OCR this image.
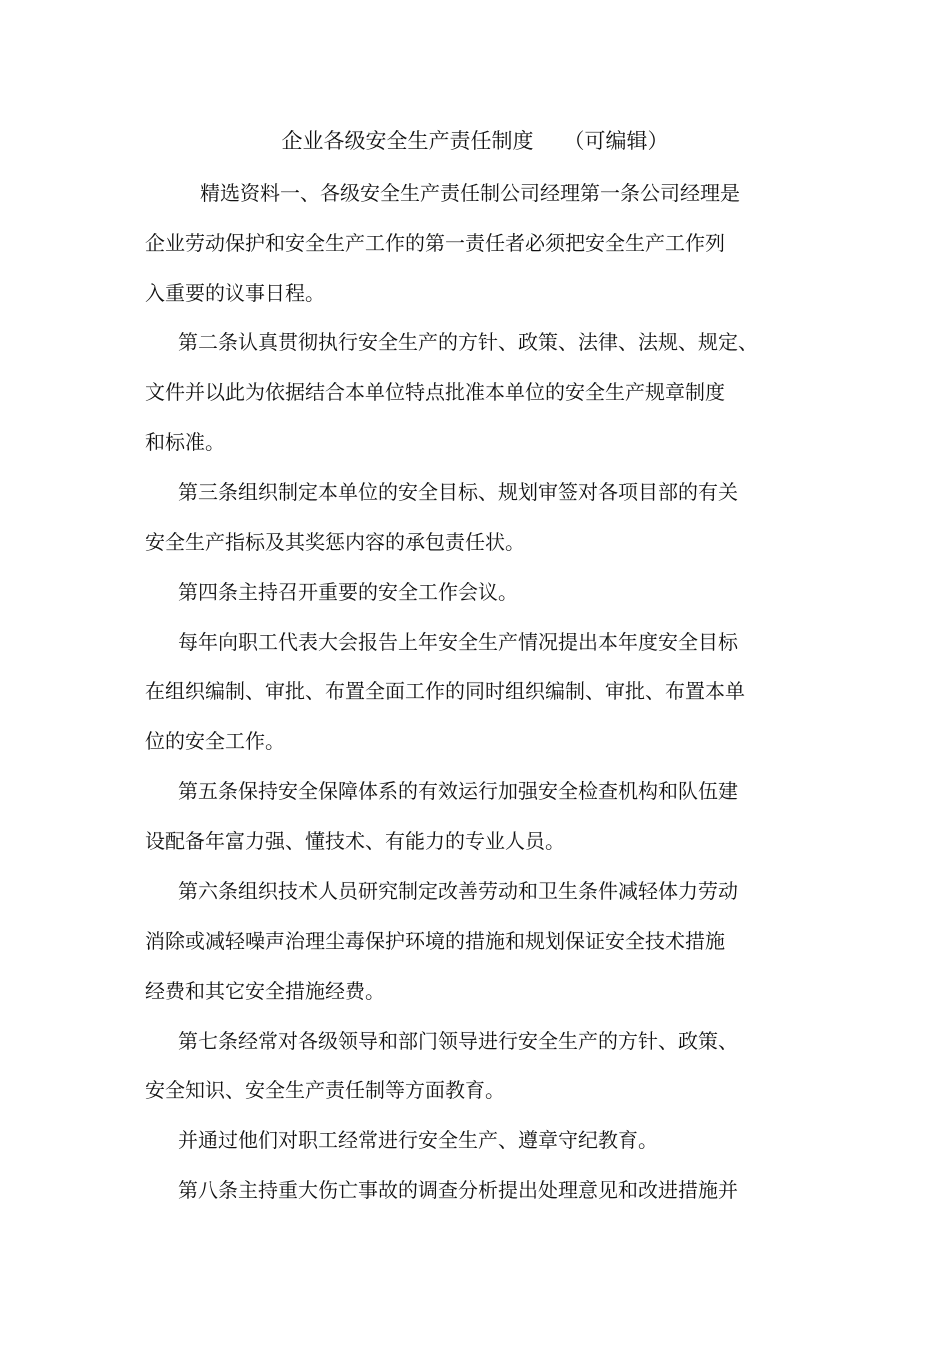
企业各级安全生产责任制度 （可编辑）
精选资料一、各级安全生产责任制公司经理第一条公司经理是
企业劳动保护和安全生产工作的第一责任者必须把安全生产工作列
入重要的议事日程。
第二条认真贯彻执行安全生产的方针、政策、法律、法规、规定、
文件并以此为依据结合本单位特点批准本单位的安全生产规章制度
和标准。
第三条组织制定本单位的安全目标、规划审签对各项目部的有关
安全生产指标及其奖惩内容的承包责任状。
第四条主持召开重要的安全工作会议。
每年向职工代表大会报告上年安全生产情况提出本年度安全目标
在组织编制、审批、布置全面工作的同时组织编制、审批、布置本单
位的安全工作。
第五条保持安全保障体系的有效运行加强安全检查机构和队伍建
设配备年富力强、懂技术、有能力的专业人员。
第六条组织技术人员研究制定改善劳动和卫生条件减轻体力劳动
消除或减轻噪声治理尘毒保护环境的措施和规划保证安全技术措施
经费和其它安全措施经费。
第七条经常对各级领导和部门领导进行安全生产的方针、政策、
安全知识、安全生产责任制等方面教育。
并通过他们对职工经常进行安全生产、遵章守纪教育。
第八条主持重大伤亡事故的调查分析提出处理意见和改进措施并
